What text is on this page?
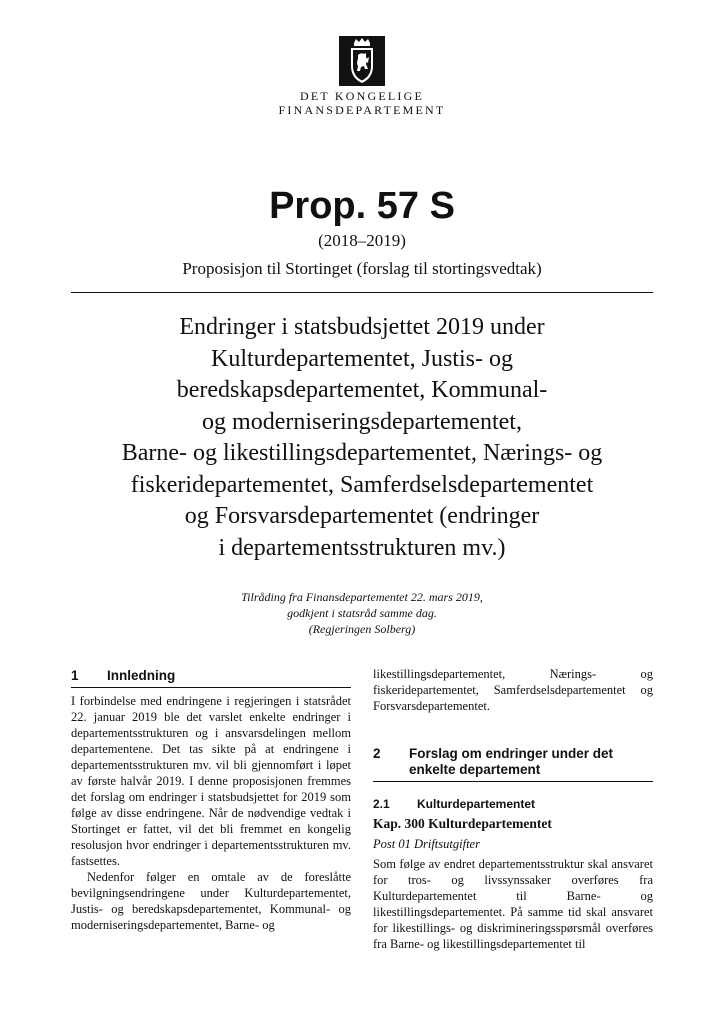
DET KONGELIGE
FINANSDEPARTEMENT
Prop. 57 S
(2018–2019)
Proposisjon til Stortinget (forslag til stortingsvedtak)
Endringer i statsbudsjettet 2019 under
Kulturdepartementet, Justis- og
beredskapsdepartementet, Kommunal-
og moderniseringsdepartementet,
Barne- og likestillingsdepartementet, Nærings- og
fiskeridepartementet, Samferdselsdepartementet
og Forsvarsdepartementet (endringer
i departementsstrukturen mv.)
Tilråding fra Finansdepartementet 22. mars 2019,
godkjent i statsråd samme dag.
(Regjeringen Solberg)
1	Innledning

I forbindelse med endringene i regjeringen i statsrådet 22. januar 2019 ble det varslet enkelte endringer i departementsstrukturen og i ansvarsdelingen mellom departementene. Det tas sikte på at endringene i departementsstrukturen mv. vil bli gjennomført i løpet av første halvår 2019. I denne proposisjonen fremmes det forslag om endringer i statsbudsjettet for 2019 som følge av disse endringene. Når de nødvendige vedtak i Stortinget er fattet, vil det bli fremmet en kongelig resolusjon hvor endringer i departementsstrukturen mv. fastsettes.

Nedenfor følger en omtale av de foreslåtte bevilgningsendringene under Kulturdepartementet, Justis- og beredskapsdepartementet, Kommunal- og moderniseringsdepartementet, Barne- og

likestillingsdepartementet, Nærings- og fiskeridepartementet, Samferdselsdepartementet og Forsvarsdepartementet.

2	Forslag om endringer under det enkelte departement
2.1	Kulturdepartementet
Kap. 300 Kulturdepartementet
Post 01 Driftsutgifter

Som følge av endret departementsstruktur skal ansvaret for tros- og livssynssaker overføres fra Kulturdepartementet til Barne- og likestillingsdepartementet. På samme tid skal ansvaret for likestillings- og diskrimineringsspørsmål overføres fra Barne- og likestillingsdepartementet til
